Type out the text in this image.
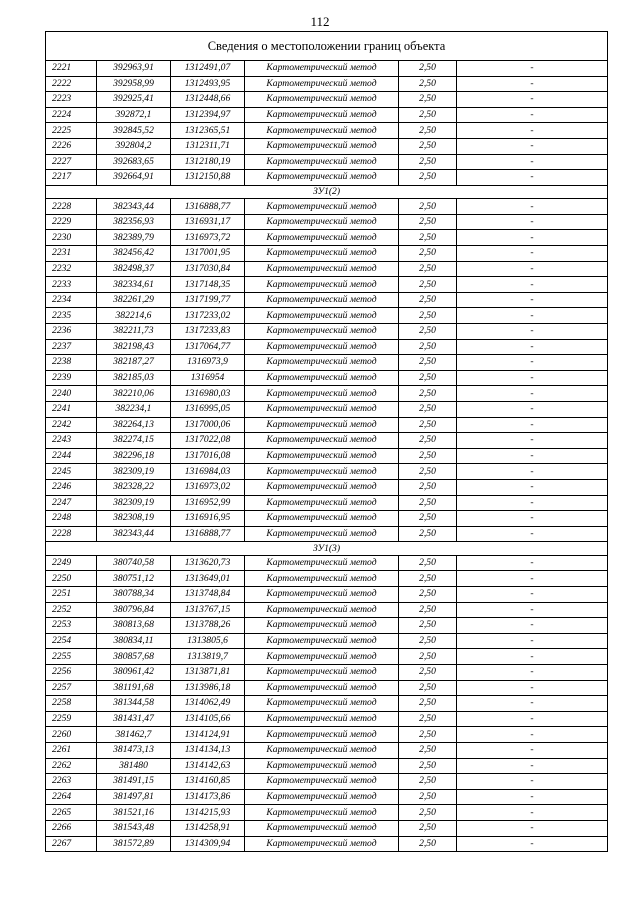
112
Сведения о местоположении границ объекта					
2221	392963,91	1312491,07	Картометрический метод	2,50	-
2222	392958,99	1312493,95	Картометрический метод	2,50	-
2223	392925,41	1312448,66	Картометрический метод	2,50	-
2224	392872,1	1312394,97	Картометрический метод	2,50	-
2225	392845,52	1312365,51	Картометрический метод	2,50	-
2226	392804,2	1312311,71	Картометрический метод	2,50	-
2227	392683,65	1312180,19	Картометрический метод	2,50	-
2217	392664,91	1312150,88	Картометрический метод	2,50	-
ЗУ1(2)					
2228	382343,44	1316888,77	Картометрический метод	2,50	-
2229	382356,93	1316931,17	Картометрический метод	2,50	-
2230	382389,79	1316973,72	Картометрический метод	2,50	-
2231	382456,42	1317001,95	Картометрический метод	2,50	-
2232	382498,37	1317030,84	Картометрический метод	2,50	-
2233	382334,61	1317148,35	Картометрический метод	2,50	-
2234	382261,29	1317199,77	Картометрический метод	2,50	-
2235	382214,6	1317233,02	Картометрический метод	2,50	-
2236	382211,73	1317233,83	Картометрический метод	2,50	-
2237	382198,43	1317064,77	Картометрический метод	2,50	-
2238	382187,27	1316973,9	Картометрический метод	2,50	-
2239	382185,03	1316954	Картометрический метод	2,50	-
2240	382210,06	1316980,03	Картометрический метод	2,50	-
2241	382234,1	1316995,05	Картометрический метод	2,50	-
2242	382264,13	1317000,06	Картометрический метод	2,50	-
2243	382274,15	1317022,08	Картометрический метод	2,50	-
2244	382296,18	1317016,08	Картометрический метод	2,50	-
2245	382309,19	1316984,03	Картометрический метод	2,50	-
2246	382328,22	1316973,02	Картометрический метод	2,50	-
2247	382309,19	1316952,99	Картометрический метод	2,50	-
2248	382308,19	1316916,95	Картометрический метод	2,50	-
2228	382343,44	1316888,77	Картометрический метод	2,50	-
ЗУ1(3)					
2249	380740,58	1313620,73	Картометрический метод	2,50	-
2250	380751,12	1313649,01	Картометрический метод	2,50	-
2251	380788,34	1313748,84	Картометрический метод	2,50	-
2252	380796,84	1313767,15	Картометрический метод	2,50	-
2253	380813,68	1313788,26	Картометрический метод	2,50	-
2254	380834,11	1313805,6	Картометрический метод	2,50	-
2255	380857,68	1313819,7	Картометрический метод	2,50	-
2256	380961,42	1313871,81	Картометрический метод	2,50	-
2257	381191,68	1313986,18	Картометрический метод	2,50	-
2258	381344,58	1314062,49	Картометрический метод	2,50	-
2259	381431,47	1314105,66	Картометрический метод	2,50	-
2260	381462,7	1314124,91	Картометрический метод	2,50	-
2261	381473,13	1314134,13	Картометрический метод	2,50	-
2262	381480	1314142,63	Картометрический метод	2,50	-
2263	381491,15	1314160,85	Картометрический метод	2,50	-
2264	381497,81	1314173,86	Картометрический метод	2,50	-
2265	381521,16	1314215,93	Картометрический метод	2,50	-
2266	381543,48	1314258,91	Картометрический метод	2,50	-
2267	381572,89	1314309,94	Картометрический метод	2,50	-
